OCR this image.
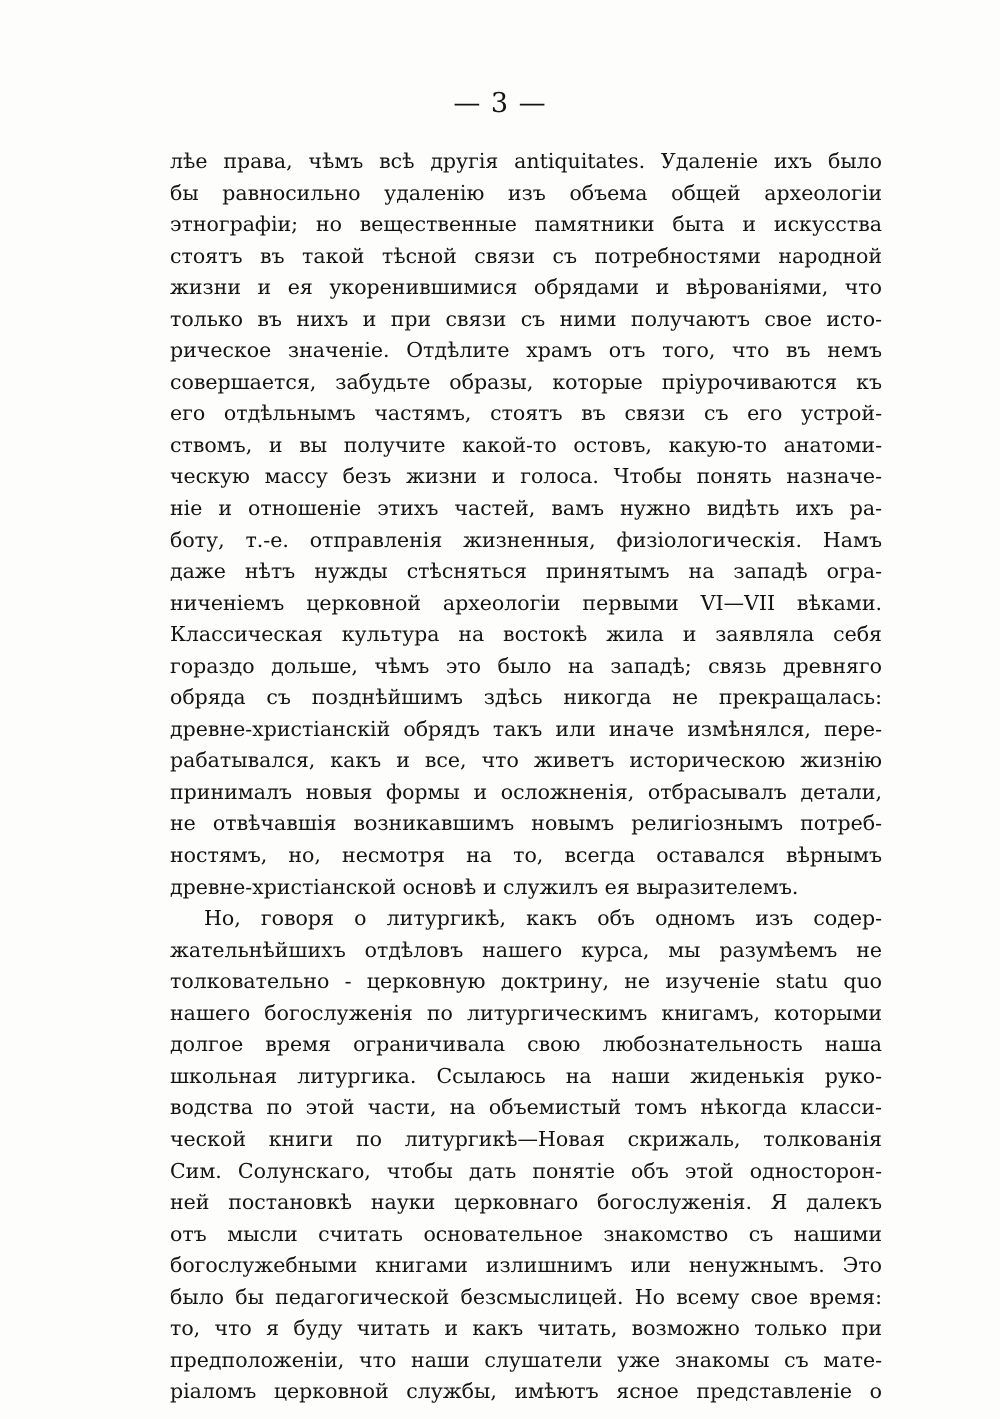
— 3 —
лѣе права, чѣмъ всѣ другія antiquitates. Удаленіе ихъ было
бы равносильно удаленію изъ объема общей археологіи
этнографіи; но вещественные памятники быта и искусства
стоятъ въ такой тѣсной связи съ потребностями народной
жизни и ея укоренившимися обрядами и вѣрованіями, что
только въ нихъ и при связи съ ними получаютъ свое исто-
рическое значеніе. Отдѣлите храмъ отъ того, что въ немъ
совершается, забудьте образы, которые пріурочиваются къ
его отдѣльнымъ частямъ, стоятъ въ связи съ его устрой-
ствомъ, и вы получите какой-то остовъ, какую-то анатоми-
ческую массу безъ жизни и голоса. Чтобы понять назначе-
ніе и отношеніе этихъ частей, вамъ нужно видѣть ихъ ра-
боту, т.-е. отправленія жизненныя, физіологическія. Намъ
даже нѣтъ нужды стѣсняться принятымъ на западѣ огра-
ниченіемъ церковной археологіи первыми VI—VII вѣками.
Классическая культура на востокѣ жила и заявляла себя
гораздо дольше, чѣмъ это было на западѣ; связь древняго
обряда съ позднѣйшимъ здѣсь никогда не прекращалась:
древне-христіанскій обрядъ такъ или иначе измѣнялся, пере-
рабатывался, какъ и все, что живетъ историческою жизнію
принималъ новыя формы и осложненія, отбрасывалъ детали,
не отвѣчавшія возникавшимъ новымъ религіознымъ потреб-
ностямъ, но, несмотря на то, всегда оставался вѣрнымъ
древне-христіанской основѣ и служилъ ея выразителемъ.
Но, говоря о литургикѣ, какъ объ одномъ изъ содер-
жательнѣйшихъ отдѣловъ нашего курса, мы разумѣемъ не
толковательно - церковную доктрину, не изученіе statu quo
нашего богослуженія по литургическимъ книгамъ, которыми
долгое время ограничивала свою любознательность наша
школьная литургика. Ссылаюсь на наши жиденькія руко-
водства по этой части, на объемистый томъ нѣкогда класси-
ческой книги по литургикѣ—Новая скрижаль, толкованія
Сим. Солунскаго, чтобы дать понятіе объ этой односторон-
ней постановкѣ науки церковнаго богослуженія. Я далекъ
отъ мысли считать основательное знакомство съ нашими
богослужебными книгами излишнимъ или ненужнымъ. Это
было бы педагогической безсмыслицей. Но всему свое время:
то, что я буду читать и какъ читать, возможно только при
предположеніи, что наши слушатели уже знакомы съ мате-
ріаломъ церковной службы, имѣютъ ясное представленіе о
